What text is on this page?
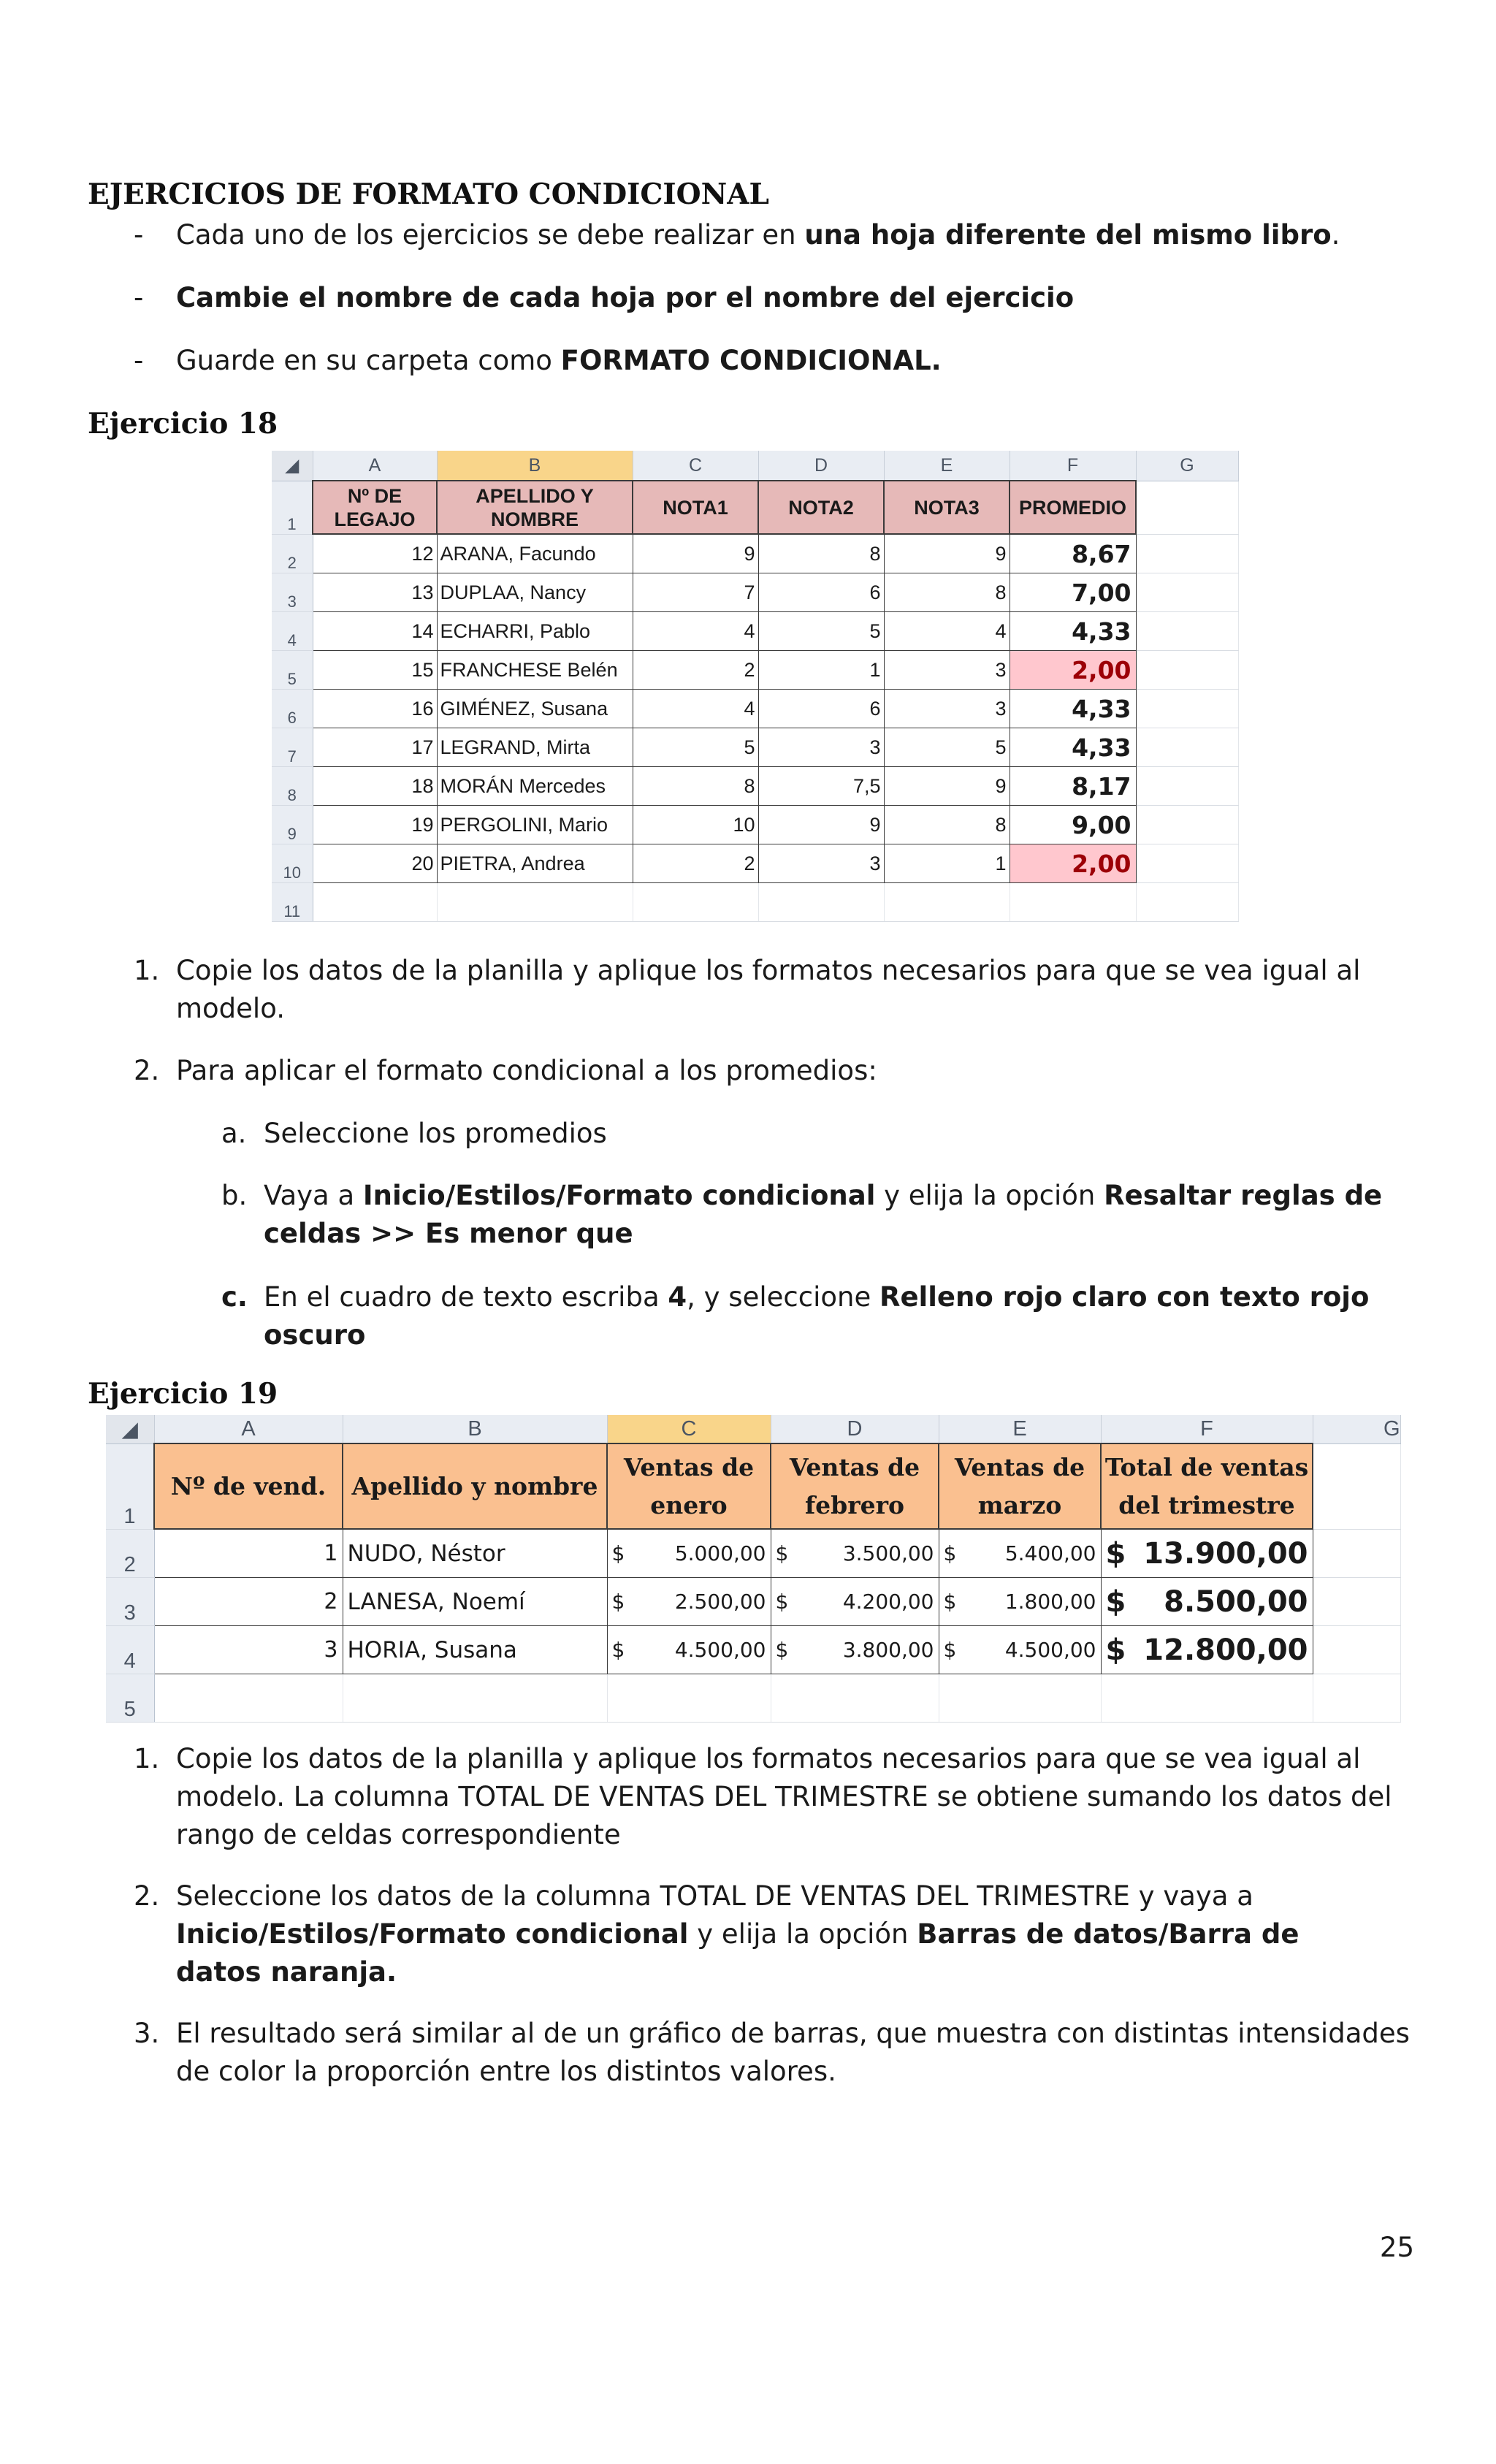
EJERCICIOS DE FORMATO CONDICIONAL
- Cada uno de los ejercicios se debe realizar en una hoja diferente del mismo libro.
- Cambie el nombre de cada hoja por el nombre del ejercicio
- Guarde en su carpeta como FORMATO CONDICIONAL.
Ejercicio 18
◢	A	B	C	D	E	F	G
1	Nº DE LEGAJO	APELLIDO Y NOMBRE	NOTA1	NOTA2	NOTA3	PROMEDIO	
2	12	ARANA, Facundo	9	8	9	8,67	
3	13	DUPLAA, Nancy	7	6	8	7,00	
4	14	ECHARRI, Pablo	4	5	4	4,33	
5	15	FRANCHESE Belén	2	1	3	2,00	
6	16	GIMÉNEZ, Susana	4	6	3	4,33	
7	17	LEGRAND, Mirta	5	3	5	4,33	
8	18	MORÁN Mercedes	8	7,5	9	8,17	
9	19	PERGOLINI, Mario	10	9	8	9,00	
10	20	PIETRA, Andrea	2	3	1	2,00	
11							
1. Copie los datos de la planilla y aplique los formatos necesarios para que se vea igual al
modelo.
2. Para aplicar el formato condicional a los promedios:
a. Seleccione los promedios
b. Vaya a Inicio/Estilos/Formato condicional y elija la opción Resaltar reglas de
celdas >> Es menor que
c. En el cuadro de texto escriba 4, y seleccione Relleno rojo claro con texto rojo
oscuro
Ejercicio 19
◢	A	B	C	D	E	F	G
1	Nº de vend.	Apellido y nombre	Ventas de enero	Ventas de febrero	Ventas de marzo	Total de ventas del trimestre	
2	1	NUDO, Néstor	$ 5.000,00	$ 3.500,00	$ 5.400,00	$ 13.900,00	

3	2	LANESA, Noemí	$ 2.500,00	$ 4.200,00	$ 1.800,00	$ 8.500,00	

4	3	HORIA, Susana	$ 4.500,00	$ 3.800,00	$ 4.500,00	$ 12.800,00	

5							
1. Copie los datos de la planilla y aplique los formatos necesarios para que se vea igual al
modelo. La columna TOTAL DE VENTAS DEL TRIMESTRE se obtiene sumando los datos del
rango de celdas correspondiente
2. Seleccione los datos de la columna TOTAL DE VENTAS DEL TRIMESTRE y vaya a
Inicio/Estilos/Formato condicional y elija la opción Barras de datos/Barra de
datos naranja.
3. El resultado será similar al de un gráfico de barras, que muestra con distintas intensidades
de color la proporción entre los distintos valores.
25
